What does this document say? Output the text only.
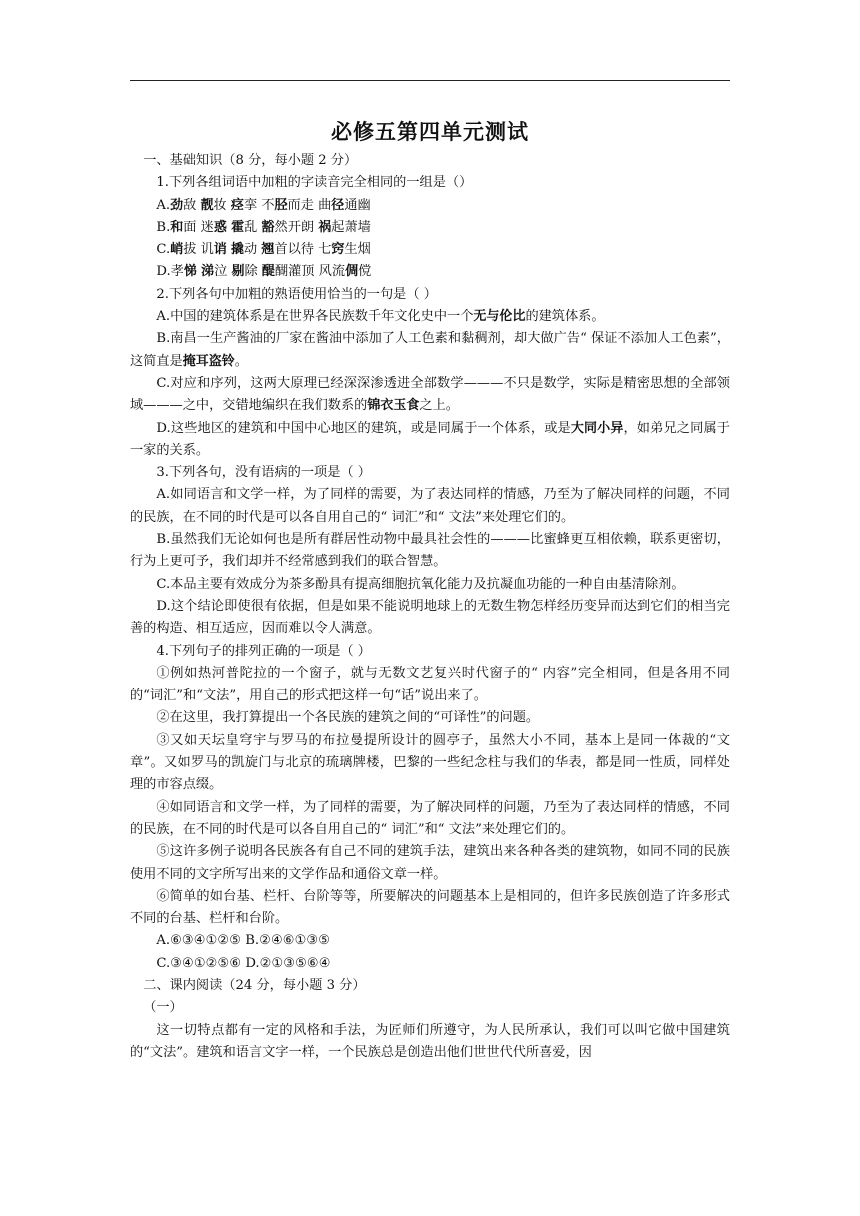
必修五第四单元测试

一、基础知识（8 分，每小题 2 分）

1.下列各组词语中加粗的字读音完全相同的一组是（）

A.劲敌 靓妆 痉挛 不胫而走 曲径通幽

B.和面 迷惑 霍乱 豁然开朗 祸起萧墙

C.峭拔 讥诮 撬动 翘首以待 七窍生烟

D.孝悌 涕泣 剔除 醍醐灌顶 风流倜傥

2.下列各句中加粗的熟语使用恰当的一句是（ ）

A.中国的建筑体系是在世界各民族数千年文化史中一个无与伦比的建筑体系。

B.南昌一生产酱油的厂家在酱油中添加了人工色素和黏稠剂，却大做广告“ 保证不添加人工色素”，这简直是掩耳盗铃。

C.对应和序列，这两大原理已经深深渗透进全部数学———不只是数学，实际是精密思想的全部领域———之中，交错地编织在我们数系的锦衣玉食之上。

D.这些地区的建筑和中国中心地区的建筑，或是同属于一个体系，或是大同小异，如弟兄之同属于一家的关系。

3.下列各句，没有语病的一项是（ ）

A.如同语言和文学一样，为了同样的需要，为了表达同样的情感，乃至为了解决同样的问题，不同的民族，在不同的时代是可以各自用自己的“ 词汇”和“ 文法”来处理它们的。

B.虽然我们无论如何也是所有群居性动物中最具社会性的———比蜜蜂更互相依赖，联系更密切，行为上更可予，我们却并不经常感到我们的联合智慧。

C.本品主要有效成分为茶多酚具有提高细胞抗氧化能力及抗凝血功能的一种自由基清除剂。

D.这个结论即使很有依据，但是如果不能说明地球上的无数生物怎样经历变异而达到它们的相当完善的构造、相互适应，因而难以令人满意。

4.下列句子的排列正确的一项是（ ）

①例如热河普陀拉的一个窗子，就与无数文艺复兴时代窗子的“ 内容”完全相同，但是各用不同的“词汇”和“文法”，用自己的形式把这样一句“话”说出来了。

②在这里，我打算提出一个各民族的建筑之间的“可译性”的问题。

③又如天坛皇穹宇与罗马的布拉曼提所设计的圆亭子，虽然大小不同，基本上是同一体裁的“文章”。又如罗马的凯旋门与北京的琉璃牌楼，巴黎的一些纪念柱与我们的华表，都是同一性质，同样处理的市容点缀。

④如同语言和文学一样，为了同样的需要，为了解决同样的问题，乃至为了表达同样的情感，不同的民族，在不同的时代是可以各自用自己的“ 词汇”和“ 文法”来处理它们的。

⑤这许多例子说明各民族各有自己不同的建筑手法，建筑出来各种各类的建筑物，如同不同的民族使用不同的文字所写出来的文学作品和通俗文章一样。

⑥简单的如台基、栏杆、台阶等等，所要解决的问题基本上是相同的，但许多民族创造了许多形式不同的台基、栏杆和台阶。

A.⑥③④①②⑤ B.②④⑥①③⑤

C.③④①②⑤⑥ D.②①③⑤⑥④

二、课内阅读（24 分，每小题 3 分）

（一）

这一切特点都有一定的风格和手法，为匠师们所遵守，为人民所承认，我们可以叫它做中国建筑的“文法”。建筑和语言文字一样，一个民族总是创造出他们世世代代所喜爱，因
